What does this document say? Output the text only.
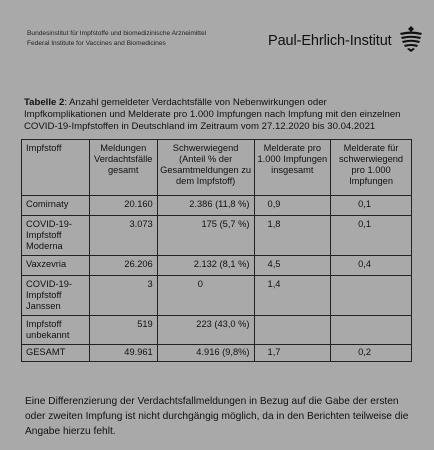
Bundesinstitut für Impfstoffe und biomedizinische Arzneimittel
Federal Institute for Vaccines and Biomedicines	Paul-Ehrlich-Institut
Tabelle 2: Anzahl gemeldeter Verdachtsfälle von Nebenwirkungen oder Impfkomplikationen und Melderate pro 1.000 Impfungen nach Impfung mit den einzelnen COVID-19-Impfstoffen in Deutschland im Zeitraum vom 27.12.2020 bis 30.04.2021
Impfstoff	Meldungen Verdachtsfälle gesamt	Schwerwiegend (Anteil % der Gesamtmeldungen zu dem Impfstoff)	Melderate pro 1.000 Impfungen insgesamt	Melderate für schwerwiegend pro 1.000 Impfungen
Comirnaty	20.160	2.386 (11,8 %)	0,9	0,1
COVID-19-Impfstoff Moderna	3.073	175 (5,7 %)	1,8	0,1
Vaxzevria	26.206	2.132 (8,1 %)	4,5	0,4
COVID-19-Impfstoff Janssen	3	0	1,4	
Impfstoff unbekannt	519	223 (43,0 %)		
GESAMT	49.961	4.916 (9,8%)	1,7	0,2
Eine Differenzierung der Verdachtsfallmeldungen in Bezug auf die Gabe der ersten oder zweiten Impfung ist nicht durchgängig möglich, da in den Berichten teilweise die Angabe hierzu fehlt.
